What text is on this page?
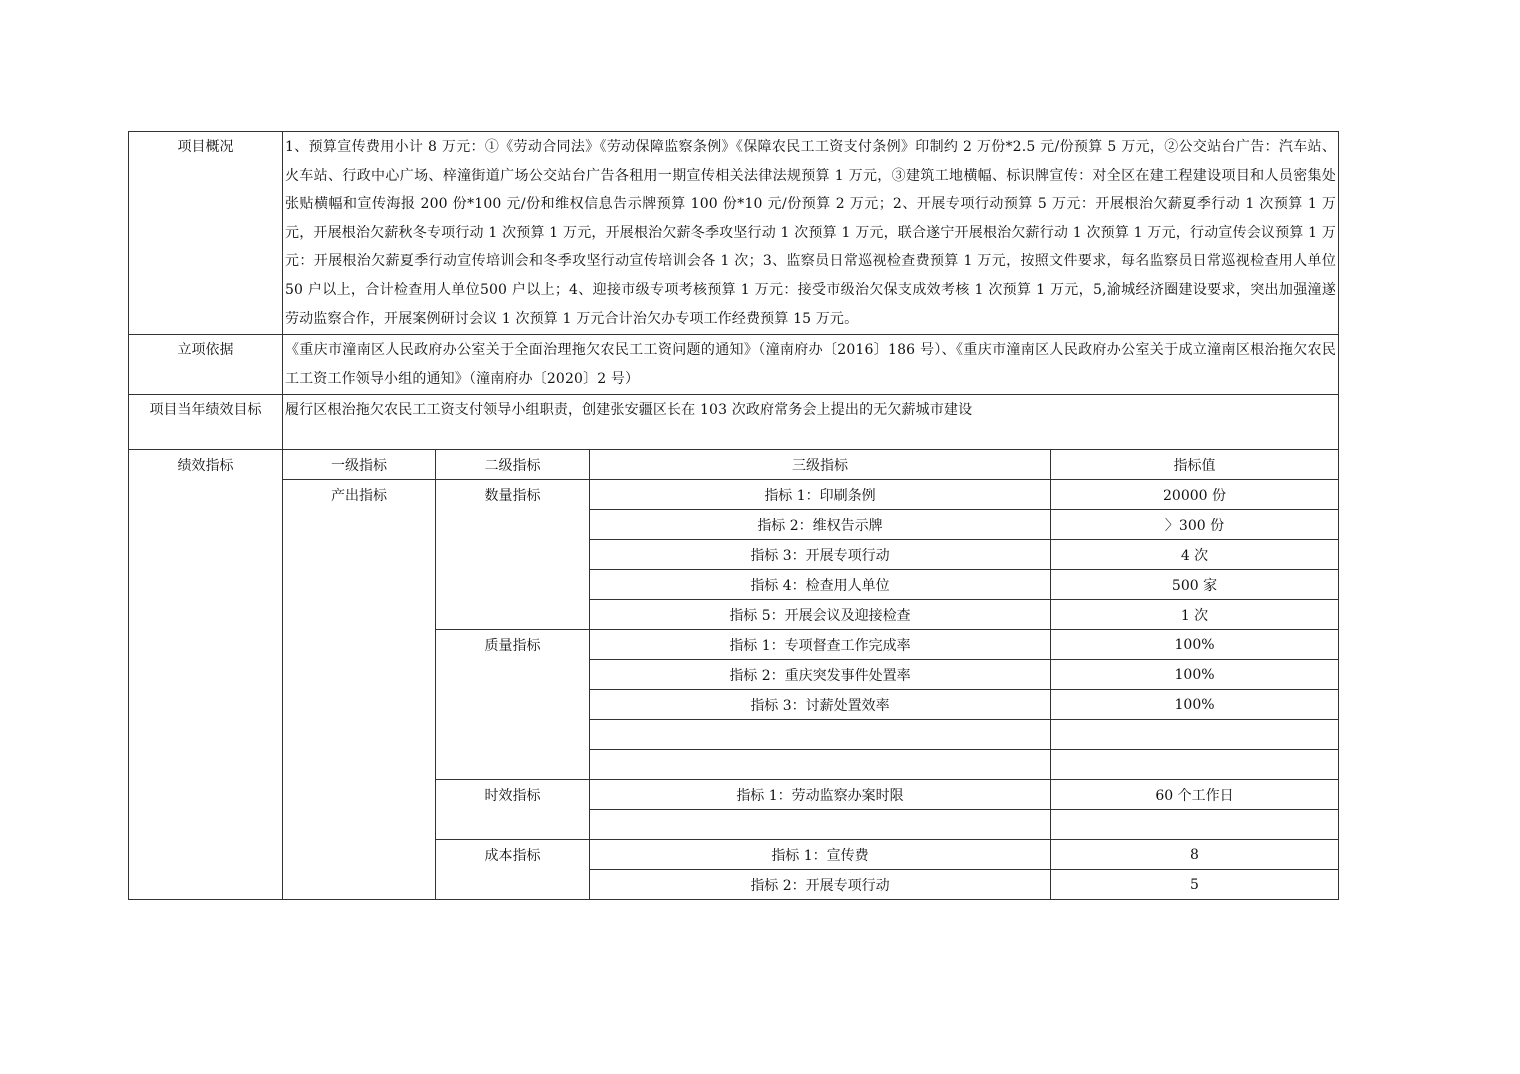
项目概况	1、预算宣传费用小计 8 万元：①《劳动合同法》《劳动保障监察条例》《保障农民工工资支付条例》印制约 2 万份*2.5 元/份预算 5 万元，②公交站台广告：汽车站、火车站、行政中心广场、梓潼街道广场公交站台广告各租用一期宣传相关法律法规预算 1 万元，③建筑工地横幅、标识牌宣传：对全区在建工程建设项目和人员密集处张贴横幅和宣传海报 200 份*100 元/份和维权信息告示牌预算 100 份*10 元/份预算 2 万元；2、开展专项行动预算 5 万元：开展根治欠薪夏季行动 1 次预算 1 万元，开展根治欠薪秋冬专项行动 1 次预算 1 万元，开展根治欠薪冬季攻坚行动 1 次预算 1 万元，联合遂宁开展根治欠薪行动 1 次预算 1 万元，行动宣传会议预算 1 万元：开展根治欠薪夏季行动宣传培训会和冬季攻坚行动宣传培训会各 1 次；3、监察员日常巡视检查费预算 1 万元，按照文件要求，每名监察员日常巡视检查用人单位 50 户以上，合计检查用人单位500 户以上；4、迎接市级专项考核预算 1 万元：接受市级治欠保支成效考核 1 次预算 1 万元，5,渝城经济圈建设要求，突出加强潼遂劳动监察合作，开展案例研讨会议 1 次预算 1 万元合计治欠办专项工作经费预算 15 万元。			
立项依据	《重庆市潼南区人民政府办公室关于全面治理拖欠农民工工资问题的通知》（潼南府办〔2016〕186 号）、《重庆市潼南区人民政府办公室关于成立潼南区根治拖欠农民工工资工作领导小组的通知》（潼南府办〔2020〕2 号）			
项目当年绩效目标	履行区根治拖欠农民工工资支付领导小组职责，创建张安疆区长在 103 次政府常务会上提出的无欠薪城市建设			
绩效指标	一级指标	二级指标	三级指标	指标值
	产出指标	数量指标	指标 1：印刷条例	20000 份
			指标 2：维权告示牌	〉300 份
			指标 3：开展专项行动	4 次
			指标 4：检查用人单位	500 家
			指标 5：开展会议及迎接检查	1 次
		质量指标	指标 1：专项督查工作完成率	100%
			指标 2：重庆突发事件处置率	100%
			指标 3：讨薪处置效率	100%

		时效指标	指标 1：劳动监察办案时限	60 个工作日

		成本指标	指标 1：宣传费	8
			指标 2：开展专项行动	5
